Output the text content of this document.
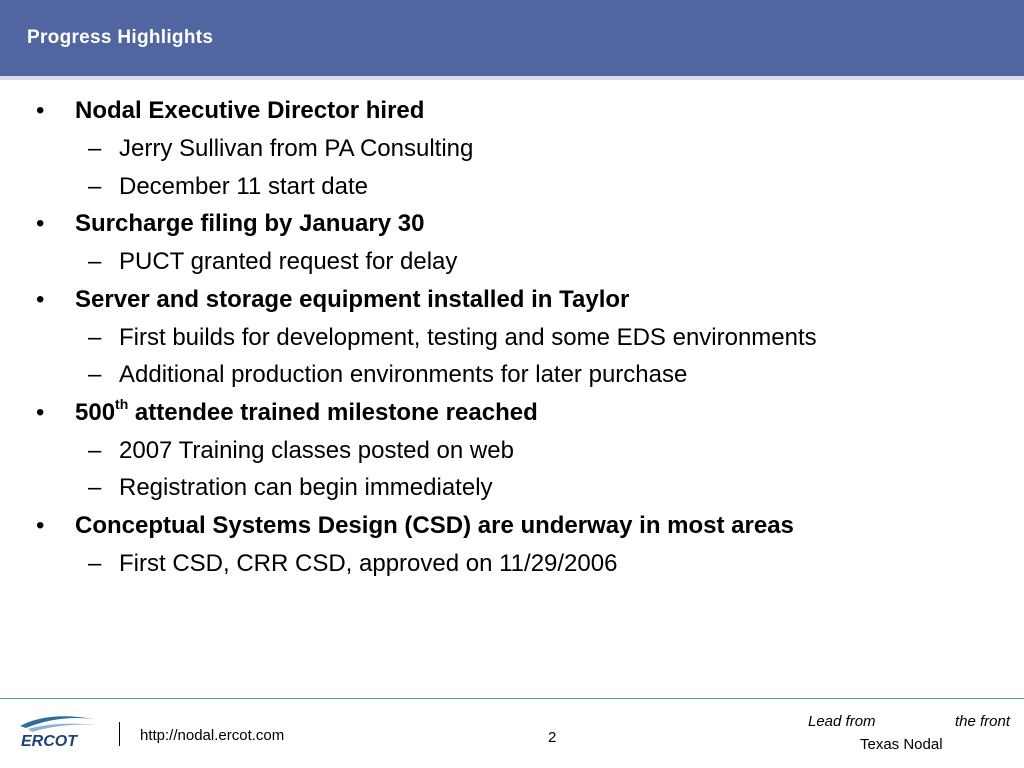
Progress Highlights
• Nodal Executive Director hired
– Jerry Sullivan from PA Consulting
– December 11 start date
• Surcharge filing by January 30
– PUCT granted request for delay
• Server and storage equipment installed in Taylor
– First builds for development, testing and some EDS environments
– Additional production environments for later purchase
• 500th attendee trained milestone reached
– 2007 Training classes posted on web
– Registration can begin immediately
• Conceptual Systems Design (CSD) are underway in most areas
– First CSD, CRR CSD, approved on 11/29/2006
ERCOT	http://nodal.ercot.com	2
Lead from	the front
Texas Nodal
